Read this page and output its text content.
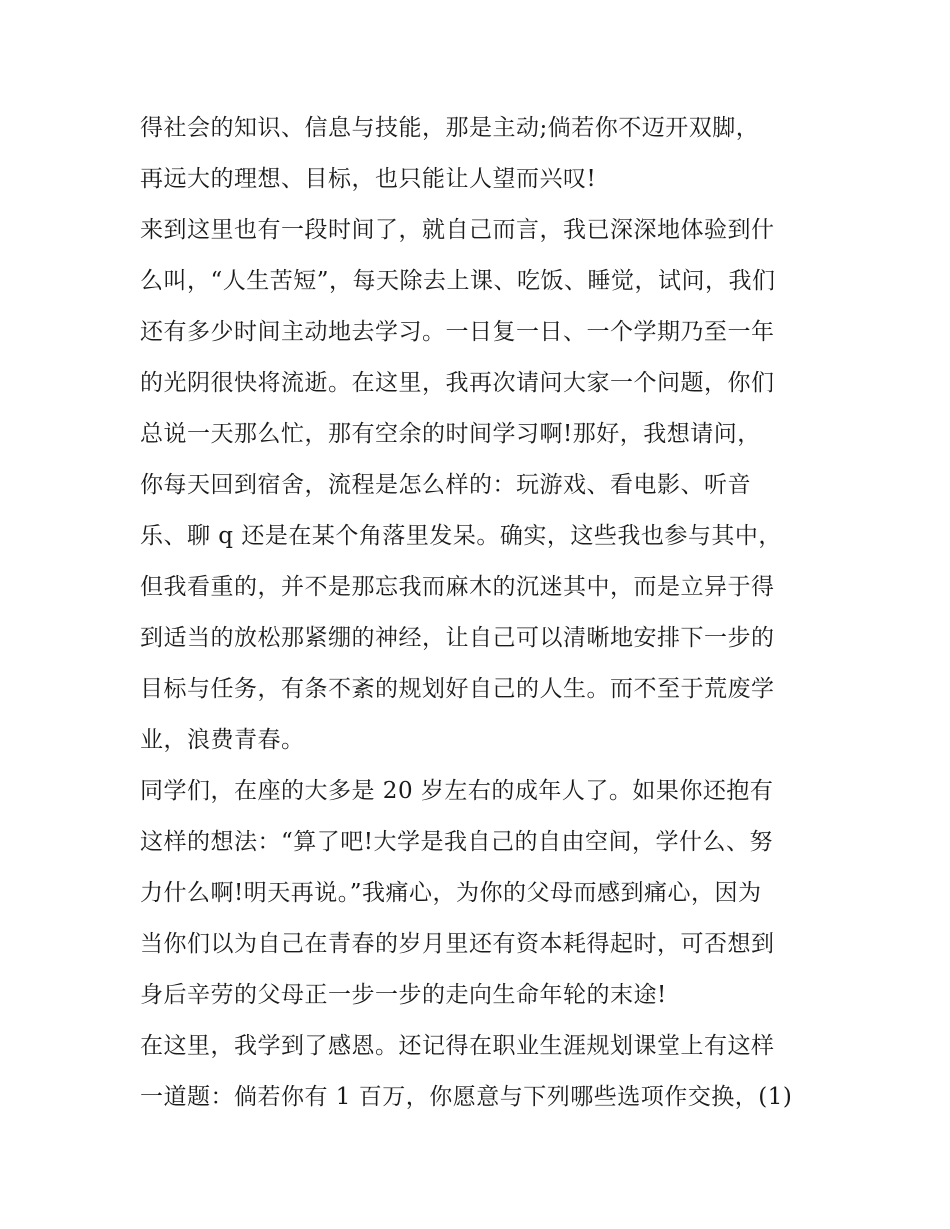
得社会的知识、信息与技能，那是主动;倘若你不迈开双脚，
再远大的理想、目标，也只能让人望而兴叹!
来到这里也有一段时间了，就自己而言，我已深深地体验到什
么叫，“人生苦短”，每天除去上课、吃饭、睡觉，试问，我们
还有多少时间主动地去学习。一日复一日、一个学期乃至一年
的光阴很快将流逝。在这里，我再次请问大家一个问题，你们
总说一天那么忙，那有空余的时间学习啊!那好，我想请问，
你每天回到宿舍，流程是怎么样的：玩游戏、看电影、听音
乐、聊 q 还是在某个角落里发呆。确实，这些我也参与其中，
但我看重的，并不是那忘我而麻木的沉迷其中，而是立异于得
到适当的放松那紧绷的神经，让自己可以清晰地安排下一步的
目标与任务，有条不紊的规划好自己的人生。而不至于荒废学
业，浪费青春。
同学们，在座的大多是 20 岁左右的成年人了。如果你还抱有
这样的想法：“算了吧!大学是我自己的自由空间，学什么、努
力什么啊!明天再说。”我痛心，为你的父母而感到痛心，因为
当你们以为自己在青春的岁月里还有资本耗得起时，可否想到
身后辛劳的父母正一步一步的走向生命年轮的末途!
在这里，我学到了感恩。还记得在职业生涯规划课堂上有这样
一道题：倘若你有 1 百万，你愿意与下列哪些选项作交换，(1)
